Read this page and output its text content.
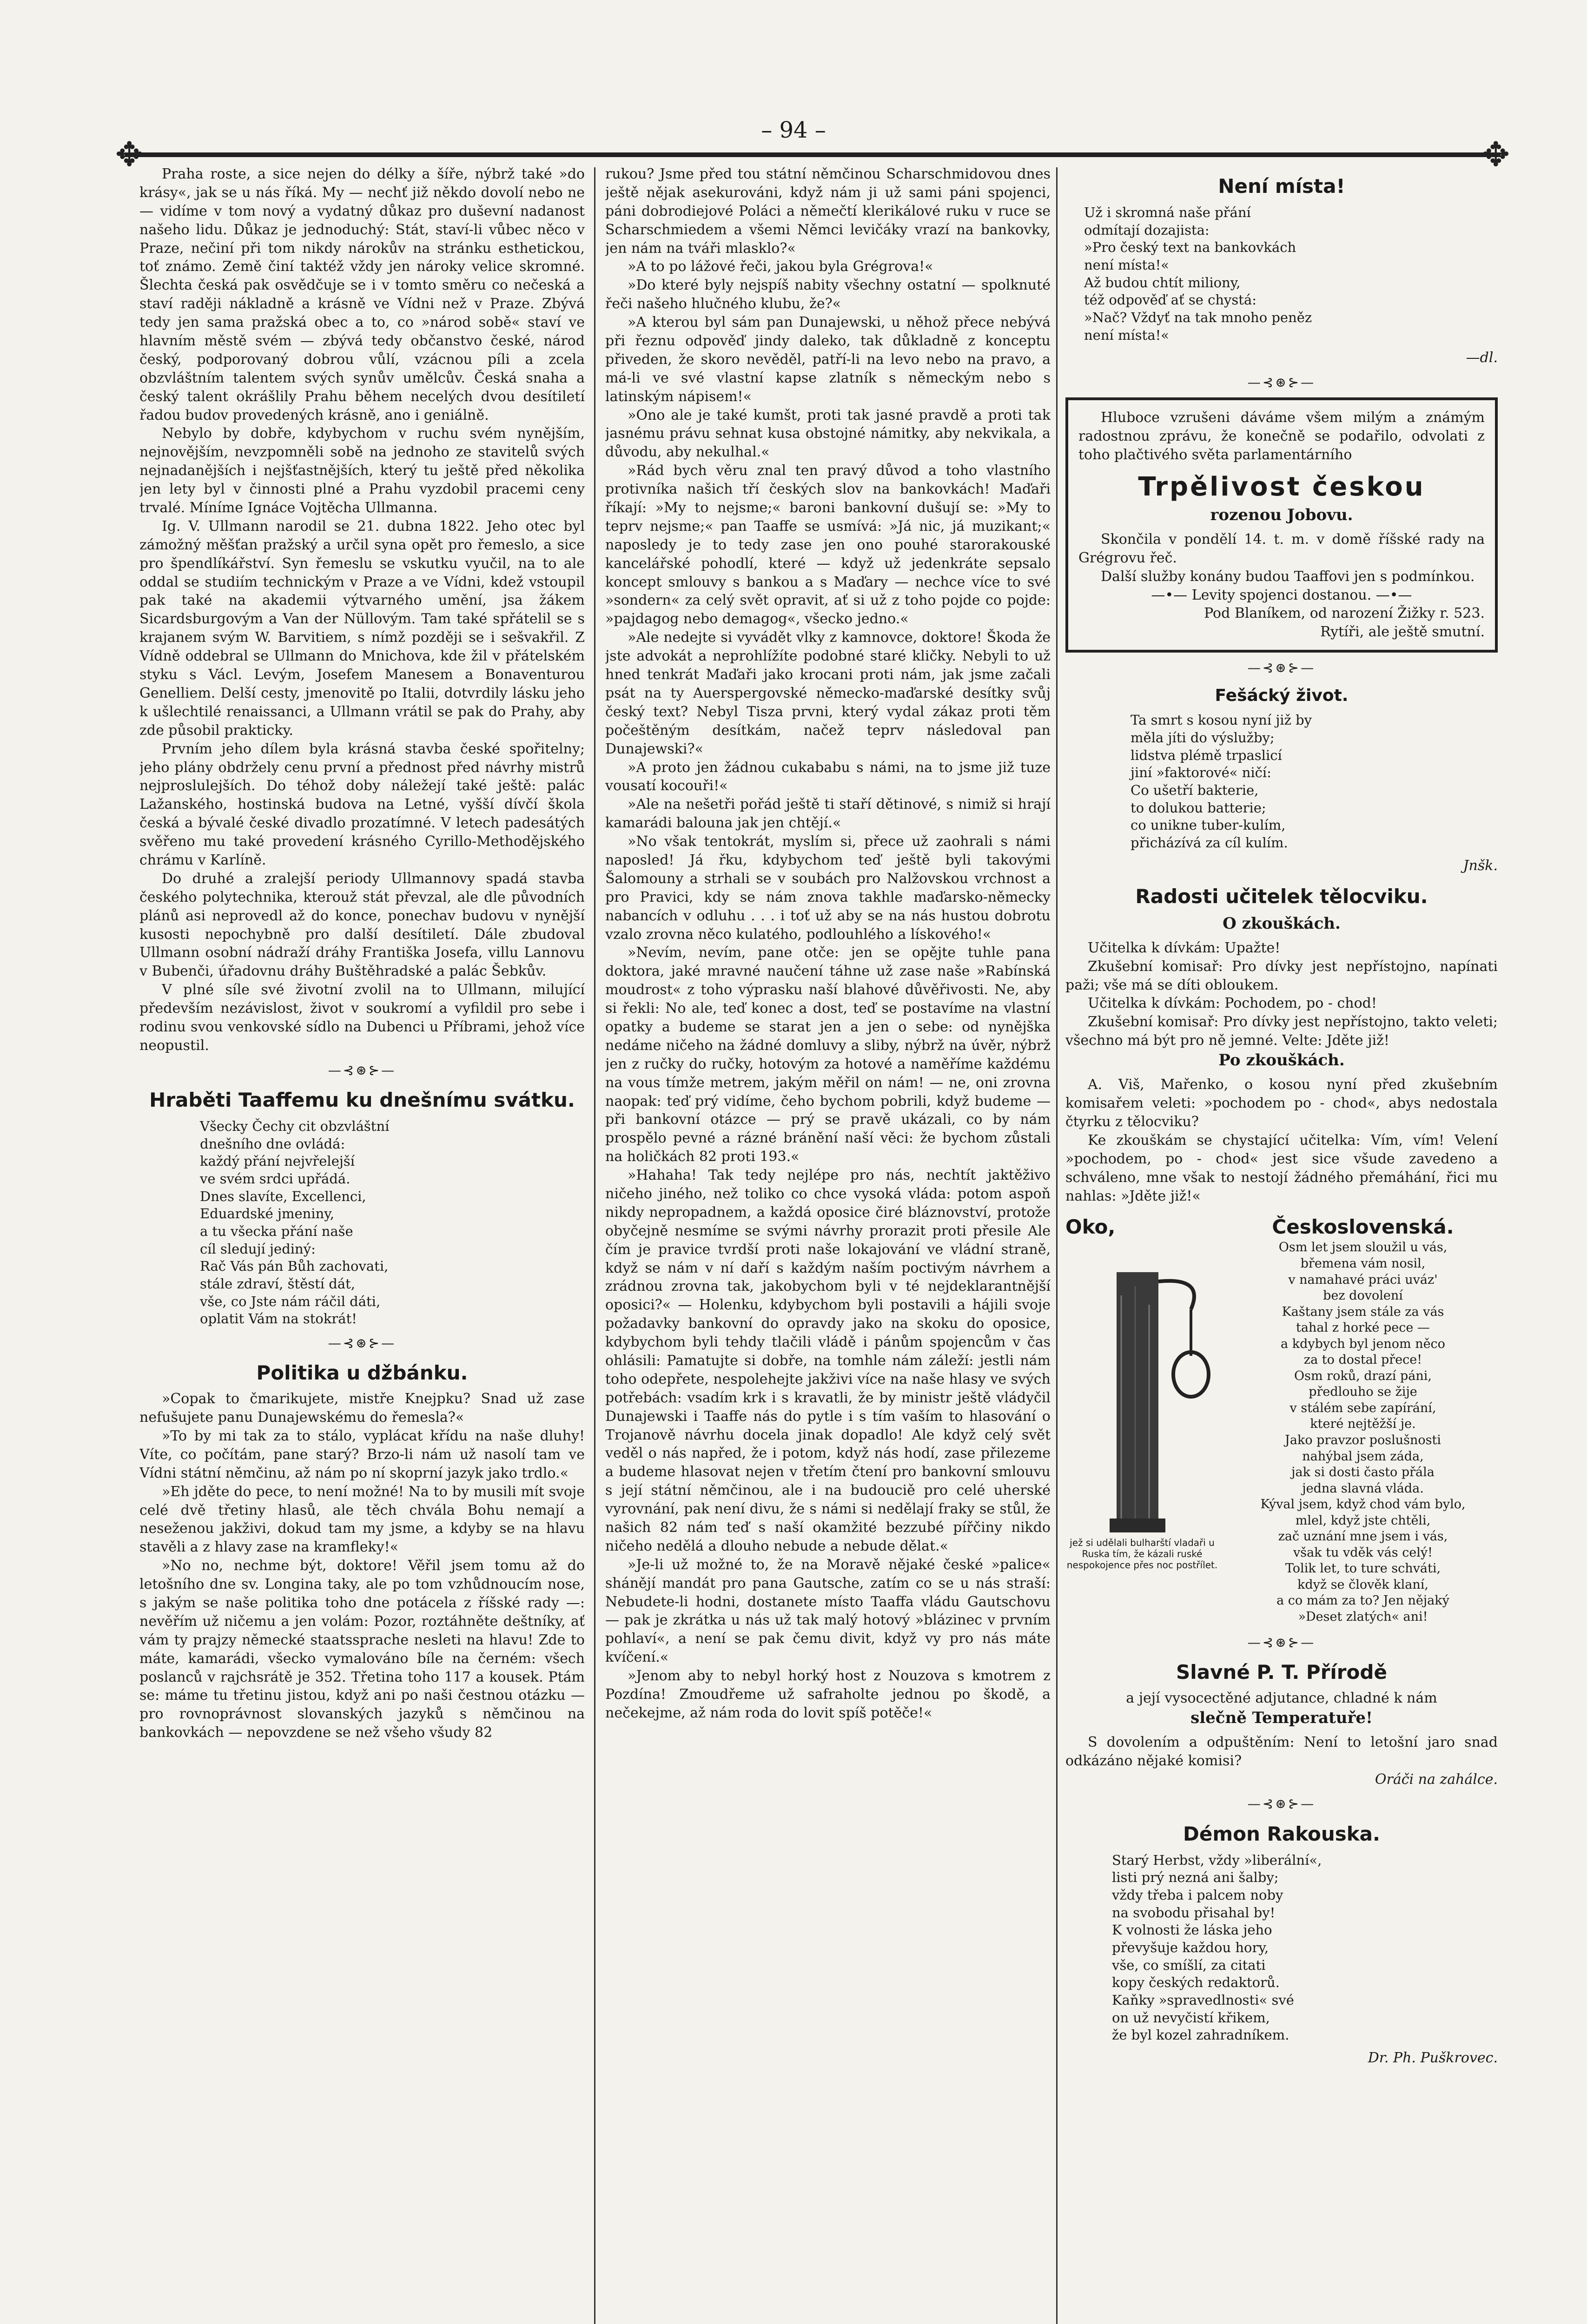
– 94 –
✥	✥

Praha roste, a sice nejen do délky a šíře, nýbrž také »do krásy«, jak se u nás říká. My — nechť již někdo dovolí nebo ne — vidíme v tom nový a vydatný důkaz pro duševní nadanost našeho lidu. Důkaz je jednoduchý: Stát, staví-li vůbec něco v Praze, nečiní při tom nikdy nárokův na stránku esthetickou, toť známo. Země činí taktéž vždy jen nároky velice skromné. Šlechta česká pak osvědčuje se i v tomto směru co nečeská a staví raději nákladně a krásně ve Vídni než v Praze. Zbývá tedy jen sama pražská obec a to, co »národ sobě« staví ve hlavním městě svém — zbývá tedy občanstvo české, národ český, podporovaný dobrou vůlí, vzácnou píli a zcela obzvláštním talentem svých synův umělcův. Česká snaha a český talent okrášlily Prahu během necelých dvou desítiletí řadou budov provedených krásně, ano i geniálně.

Nebylo by dobře, kdybychom v ruchu svém nynějším, nejnovějším, nevzpomněli sobě na jednoho ze stavitelů svých nejnadanějších i nejšťastnějších, který tu ještě před několika jen lety byl v činnosti plné a Prahu vyzdobil pracemi ceny trvalé. Míníme Ignáce Vojtěcha Ullmanna.

Ig. V. Ullmann narodil se 21. dubna 1822. Jeho otec byl zámožný měšťan pražský a určil syna opět pro řemeslo, a sice pro špendlíkářství. Syn řemeslu se vskutku vyučil, na to ale oddal se studiím technickým v Praze a ve Vídni, kdež vstoupil pak také na akademii výtvarného umění, jsa žákem Sicardsburgovým a Van der Nüllovým. Tam také spřátelil se s krajanem svým W. Barvitiem, s nímž později se i sešvakřil. Z Vídně oddebral se Ullmann do Mnichova, kde žil v přátelském styku s Václ. Levým, Josefem Manesem a Bonaventurou Genelliem. Delší cesty, jmenovitě po Italii, dotvrdily lásku jeho k ušlechtilé renaissanci, a Ullmann vrátil se pak do Prahy, aby zde působil prakticky.

Prvním jeho dílem byla krásná stavba české spořitelny; jeho plány obdržely cenu první a přednost před návrhy mistrů nejproslulejších. Do téhož doby náležejí také ještě: palác Lažanského, hostinská budova na Letné, vyšší dívčí škola česká a bývalé české divadlo prozatímné. V letech padesátých svěřeno mu také provedení krásného Cyrillo-Methodějského chrámu v Karlíně.

Do druhé a zralejší periody Ullmannovy spadá stavba českého polytechnika, kterouž stát převzal, ale dle původních plánů asi neprovedl až do konce, ponechav budovu v nynější kusosti nepochybně pro další desítiletí. Dále zbudoval Ullmann osobní nádraží dráhy Františka Josefa, villu Lannovu v Bubenči, úřadovnu dráhy Buštěhradské a palác Šebkův.

V plné síle své životní zvolil na to Ullmann, milující především nezávislost, život v soukromí a vyfildil pro sebe i rodinu svou venkovské sídlo na Dubenci u Příbrami, jehož více neopustil.

—⊰⊛⊱—
Hraběti Taaffemu ku dnešnímu svátku.
Všecky Čechy cit obzvláštní
dnešního dne ovládá:
každý přání nejvřelejší
ve svém srdci upřádá.
Dnes slavíte, Excellenci,
Eduardské jmeniny,
a tu všecka přání naše
cíl sledují jediný:
Rač Vás pán Bůh zachovati,
stále zdraví, štěstí dát,
vše, co Jste nám ráčil dáti,
oplatit Vám na stokrát!
—⊰⊛⊱—
Politika u džbánku.

»Copak to čmarikujete, mistře Knejpku? Snad už zase nefušujete panu Dunajewskému do řemesla?«

»To by mi tak za to stálo, vyplácat křídu na naše dluhy! Víte, co počítám, pane starý? Brzo-li nám už nasolí tam ve Vídni státní němčinu, až nám po ní skoprní jazyk jako trdlo.«

»Eh jděte do pece, to není možné! Na to by musili mít svoje celé dvě třetiny hlasů, ale těch chvála Bohu nemají a neseženou jakživi, dokud tam my jsme, a kdyby se na hlavu stavěli a z hlavy zase na kramfleky!«

»No no, nechme být, doktore! Věřil jsem tomu až do letošního dne sv. Longina taky, ale po tom vzhůdnoucím nose, s jakým se naše politika toho dne potácela z říšské rady —: nevěřím už ničemu a jen volám: Pozor, roztáhněte deštníky, ať vám ty prajzy německé staatssprache nesleti na hlavu! Zde to máte, kamarádi, všecko vymalováno bíle na černém: všech poslanců v rajchsrátě je 352. Třetina toho 117 a kousek. Ptám se: máme tu třetinu jistou, když ani po naši čestnou otázku — pro rovnoprávnost slovanských jazyků s němčinou na bankovkách — nepovzdene se než všeho všudy 82

rukou? Jsme před tou státní němčinou Scharschmidovou dnes ještě nějak asekurováni, když nám ji už sami páni spojenci, páni dobrodiejové Poláci a němečtí klerikálové ruku v ruce se Scharschmiedem a všemi Němci levičáky vrazí na bankovky, jen nám na tváři mlasklo?«

»A to po lážové řeči, jakou byla Grégrova!«

»Do které byly nejspíš nabity všechny ostatní — spolknuté řeči našeho hlučného klubu, že?«

»A kterou byl sám pan Dunajewski, u něhož přece nebývá při řeznu odpověď jindy daleko, tak důkladně z konceptu přiveden, že skoro nevěděl, patří-li na levo nebo na pravo, a má-li ve své vlastní kapse zlatník s německým nebo s latinským nápisem!«

»Ono ale je také kumšt, proti tak jasné pravdě a proti tak jasnému právu sehnat kusa obstojné námitky, aby nekvikala, a důvodu, aby nekulhal.«

»Rád bych věru znal ten pravý důvod a toho vlastního protivníka našich tří českých slov na bankovkách! Maďaři říkají: »My to nejsme;« baroni bankovní dušují se: »My to teprv nejsme;« pan Taaffe se usmívá: »Já nic, já muzikant;« naposledy je to tedy zase jen ono pouhé starorakouské kancelářské pohodlí, které — když už jedenkráte sepsalo koncept smlouvy s bankou a s Maďary — nechce více to své »sondern« za celý svět opravit, ať si už z toho pojde co pojde: »pajdagog nebo demagog«, všecko jedno.«

»Ale nedejte si vyvádět vlky z kamnovce, doktore! Škoda že jste advokát a neprohlížíte podobné staré kličky. Nebyli to už hned tenkrát Maďaři jako krocani proti nám, jak jsme začali psát na ty Auerspergovské německo-maďarské desítky svůj český text? Nebyl Tisza prvni, který vydal zákaz proti těm počeštěným desítkám, načež teprv následoval pan Dunajewski?«

»A proto jen žádnou cukababu s námi, na to jsme již tuze vousatí kocouři!«

»Ale na nešetři pořád ještě ti staří dětinové, s nimiž si hrají kamarádi balouna jak jen chtějí.«

»No však tentokrát, myslím si, přece už zaohrali s námi naposled! Já řku, kdybychom teď ještě byli takovými Šalomouny a strhali se v soubách pro Nalžovskou vrchnost a pro Pravici, kdy se nám znova takhle maďarsko-německy nabancích v odluhu . . . i toť už aby se na nás hustou dobrotu vzalo zrovna něco kulatého, podlouhlého a lískového!«

»Nevím, nevím, pane otče: jen se opějte tuhle pana doktora, jaké mravné naučení táhne už zase naše »Rabínská moudrost« z toho výprasku naší blahové důvěřivosti. Ne, aby si řekli: No ale, teď konec a dost, teď se postavíme na vlastní opatky a budeme se starat jen a jen o sebe: od nynějška nedáme ničeho na žádné domluvy a sliby, nýbrž na úvěr, nýbrž jen z ručky do ručky, hotovým za hotové a naměříme každému na vous tímže metrem, jakým měřil on nám! — ne, oni zrovna naopak: teď prý vidíme, čeho bychom pobrili, když budeme — při bankovní otázce — prý se pravě ukázali, co by nám prospělo pevné a rázné bránění naší věci: že bychom zůstali na holičkách 82 proti 193.«

»Hahaha! Tak tedy nejlépe pro nás, nechtít jaktěživo ničeho jiného, než toliko co chce vysoká vláda: potom aspoň nikdy nepropadnem, a každá oposice čiré bláznovství, protože obyčejně nesmíme se svými návrhy prorazit proti přesile Ale čím je pravice tvrdší proti naše lokajování ve vládní straně, když se nám v ní daří s každým naším poctivým návrhem a zrádnou zrovna tak, jakobychom byli v té nejdeklarantnější oposici?« — Holenku, kdybychom byli postavili a hájili svoje požadavky bankovní do opravdy jako na skoku do oposice, kdybychom byli tehdy tlačili vládě i pánům spojencům v čas ohlásili: Pamatujte si dobře, na tomhle nám záleží: jestli nám toho odepřete, nespolehejte jakživi více na naše hlasy ve svých potřebách: vsadím krk i s kravatli, že by ministr ještě vládyčil Dunajewski i Taaffe nás do pytle i s tím vaším to hlasování o Trojanově návrhu docela jinak dopadlo! Ale když celý svět veděl o nás napřed, že i potom, když nás hodí, zase přilezeme a budeme hlasovat nejen v třetím čtení pro bankovní smlouvu s její státní němčinou, ale i na budouciě pro celé uherské vyrovnání, pak není divu, že s námi si nedělají fraky se stůl, že našich 82 nám teď s naší okamžité bezzubé pířčiny nikdo ničeho nedělá a dlouho nebude a nebude dělat.«

»Je-li už možné to, že na Moravě nějaké české »palice« shánějí mandát pro pana Gautsche, zatím co se u nás straší: Nebudete-li hodni, dostanete místo Taaffa vládu Gautschovu — pak je zkrátka u nás už tak malý hotový »blázinec v prvním pohlaví«, a není se pak čemu divit, když vy pro nás máte kvíčení.«

»Jenom aby to nebyl horký host z Nouzova s kmotrem z Pozdína! Zmoudřeme už safraholte jednou po škodě, a nečekejme, až nám roda do lovit spíš potěče!«

Není místa!
Už i skromná naše přání
odmítají dozajista:
»Pro český text na bankovkách
není místa!«
Až budou chtít miliony,
též odpověď ať se chystá:
»Nač? Vždyť na tak mnoho peněz
není místa!«
—dl.
—⊰⊛⊱—

Hluboce vzrušeni dáváme všem milým a známým radostnou zprávu, že konečně se podařilo, odvolati z toho plačtivého světa parlamentárního

Trpělivost českou
rozenou Jobovu.

Skončila v pondělí 14. t. m. v domě říšské rady na Grégrovu řeč.

Další služby konány budou Taaffovi jen s podmínkou.

—•— Levity spojenci dostanou. —•—

Pod Blaníkem, od narození Žižky r. 523.

Rytíři, ale ještě smutní.

—⊰⊛⊱—
Fešácký život.
Ta smrt s kosou nyní již by
měla jíti do výslužby;
lidstva plémě trpaslicí
jiní »faktorové« ničí:
Co ušetří bakterie,
to dolukou batterie;
co unikne tuber-kulím,
přicházívá za cíl kulím.
Jnšk.
Radosti učitelek tělocviku.
O zkouškách.

Učitelka k dívkám: Upažte!

Zkušební komisař: Pro dívky jest nepřístojno, napínati paži; vše má se díti obloukem.

Učitelka k dívkám: Pochodem, po - chod!

Zkušební komisař: Pro dívky jest nepřístojno, takto veleti; všechno má být pro ně jemné. Velte: Jděte již!

Po zkouškách.

A. Viš, Mařenko, o kosou nyní před zkušebním komisařem veleti: »pochodem po - chod«, abys nedostala čtyrku z tělocviku?

Ke zkouškám se chystající učitelka: Vím, vím! Velení »pochodem, po - chod« jest sice všude zavedeno a schváleno, mne však to nestojí žádného přemáhání, řici mu nahlas: »Jděte již!«

Oko,
jež si udělali bulharští vladaři u Ruska tím, že kázali ruské nespokojence přes noc postřílet.
Československá.
Osm let jsem sloužil u vás,
břemena vám nosil,
v namahavé práci uváz'
bez dovolení
Kaštany jsem stále za vás
tahal z horké pece —
a kdybych byl jenom něco
za to dostal přece!
Osm roků, drazí páni,
předlouho se žije
v stálém sebe zapírání,
které nejtěžší je.
Jako pravzor poslušnosti
nahýbal jsem záda,
jak si dosti často přála
jedna slavná vláda.
Kýval jsem, když chod vám bylo,
mlel, když jste chtěli,
zač uznání mne jsem i vás,
však tu vděk vás celý!
Tolik let, to ture schváti,
když se člověk klaní,
a co mám za to? Jen nějaký
»Deset zlatých« ani!
—⊰⊛⊱—
Slavné P. T. Přírodě

a její vysocectěné adjutance, chladné k nám

slečně Temperatuře!

S dovolením a odpuštěním: Není to letošní jaro snad odkázáno nějaké komisi?

Oráči na zahálce.
—⊰⊛⊱—
Démon Rakouska.
Starý Herbst, vždy »liberální«,
listi prý nezná ani šalby;
vždy třeba i palcem noby
na svobodu přisahal by!
K volnosti že láska jeho
převyšuje každou hory,
vše, co smíšlí, za citati
kopy českých redaktorů.
Kaňky »spravedlnosti« své
on už nevyčistí křikem,
že byl kozel zahradníkem.
Dr. Ph. Puškrovec.
